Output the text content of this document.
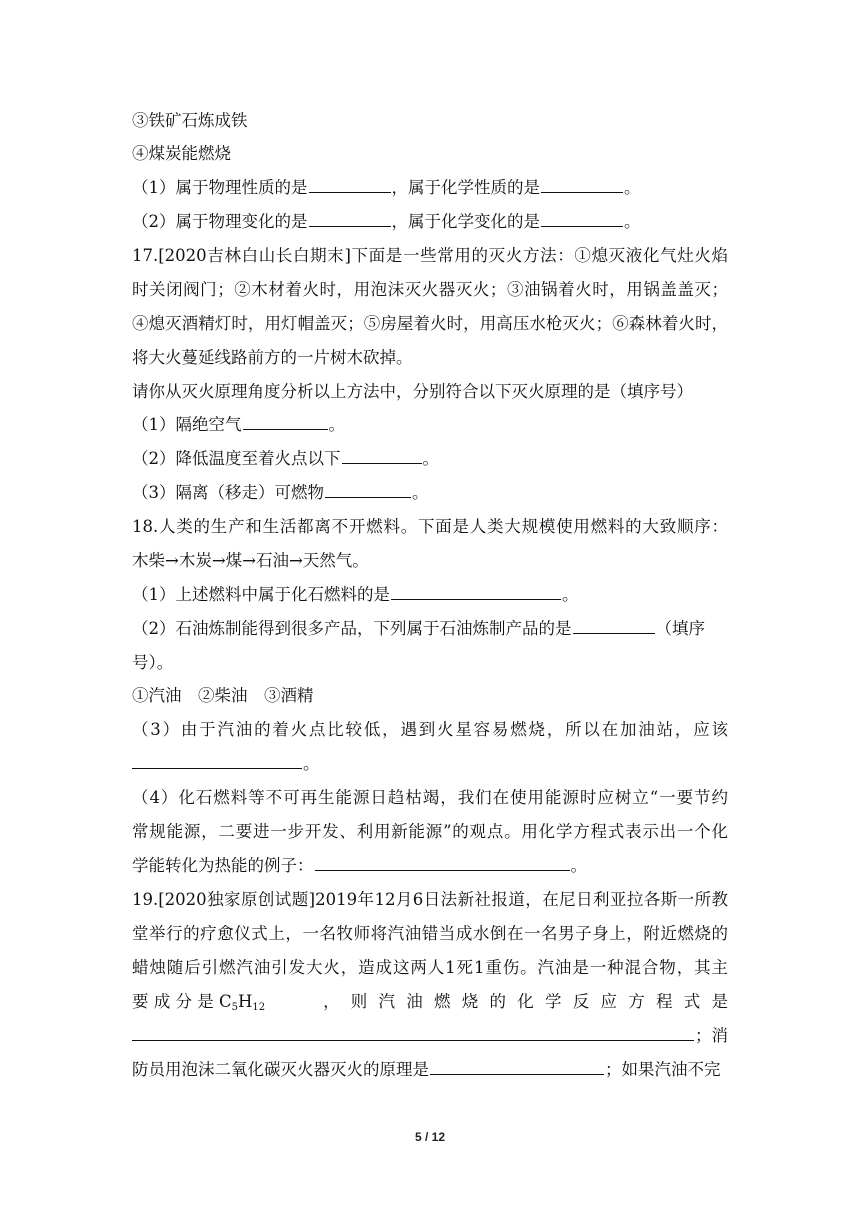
③铁矿石炼成铁
④煤炭能燃烧
（1）属于物理性质的是	，属于化学性质的是	。
（2）属于物理变化的是	，属于化学变化的是	。
17.[2020吉林白山长白期末]下面是一些常用的灭火方法：①熄灭液化气灶火焰
时关闭阀门；②木材着火时，用泡沫灭火器灭火；③油锅着火时，用锅盖盖灭；
④熄灭酒精灯时，用灯帽盖灭；⑤房屋着火时，用高压水枪灭火；⑥森林着火时，
将大火蔓延线路前方的一片树木砍掉。
请你从灭火原理角度分析以上方法中，分别符合以下灭火原理的是（填序号）
（1）隔绝空气	。
（2）降低温度至着火点以下	。
（3）隔离（移走）可燃物	。
18.人类的生产和生活都离不开燃料。下面是人类大规模使用燃料的大致顺序：
木柴→木炭→煤→石油→天然气。
（1）上述燃料中属于化石燃料的是	。
（2）石油炼制能得到很多产品，下列属于石油炼制产品的是	（填序
号）。
①汽油　②柴油　③酒精
（3）由于汽油的着火点比较低，遇到火星容易燃烧，所以在加油站，应该
。
（4）化石燃料等不可再生能源日趋枯竭，我们在使用能源时应树立“一要节约
常规能源，二要进一步开发、利用新能源”的观点。用化学方程式表示出一个化
学能转化为热能的例子：	。
19.[2020独家原创试题]2019年12月6日法新社报道，在尼日利亚拉各斯一所教
堂举行的疗愈仪式上，一名牧师将汽油错当成水倒在一名男子身上，附近燃烧的
蜡烛随后引燃汽油引发大火，造成这两人1死1重伤。汽油是一种混合物，其主
要 成 分 是 $C_5H_{12}$	， 则 汽 油 燃 烧 的 化 学 反 应 方 程 式 是
；消
防员用泡沫二氧化碳灭火器灭火的原理是	；如果汽油不完
5 / 12
